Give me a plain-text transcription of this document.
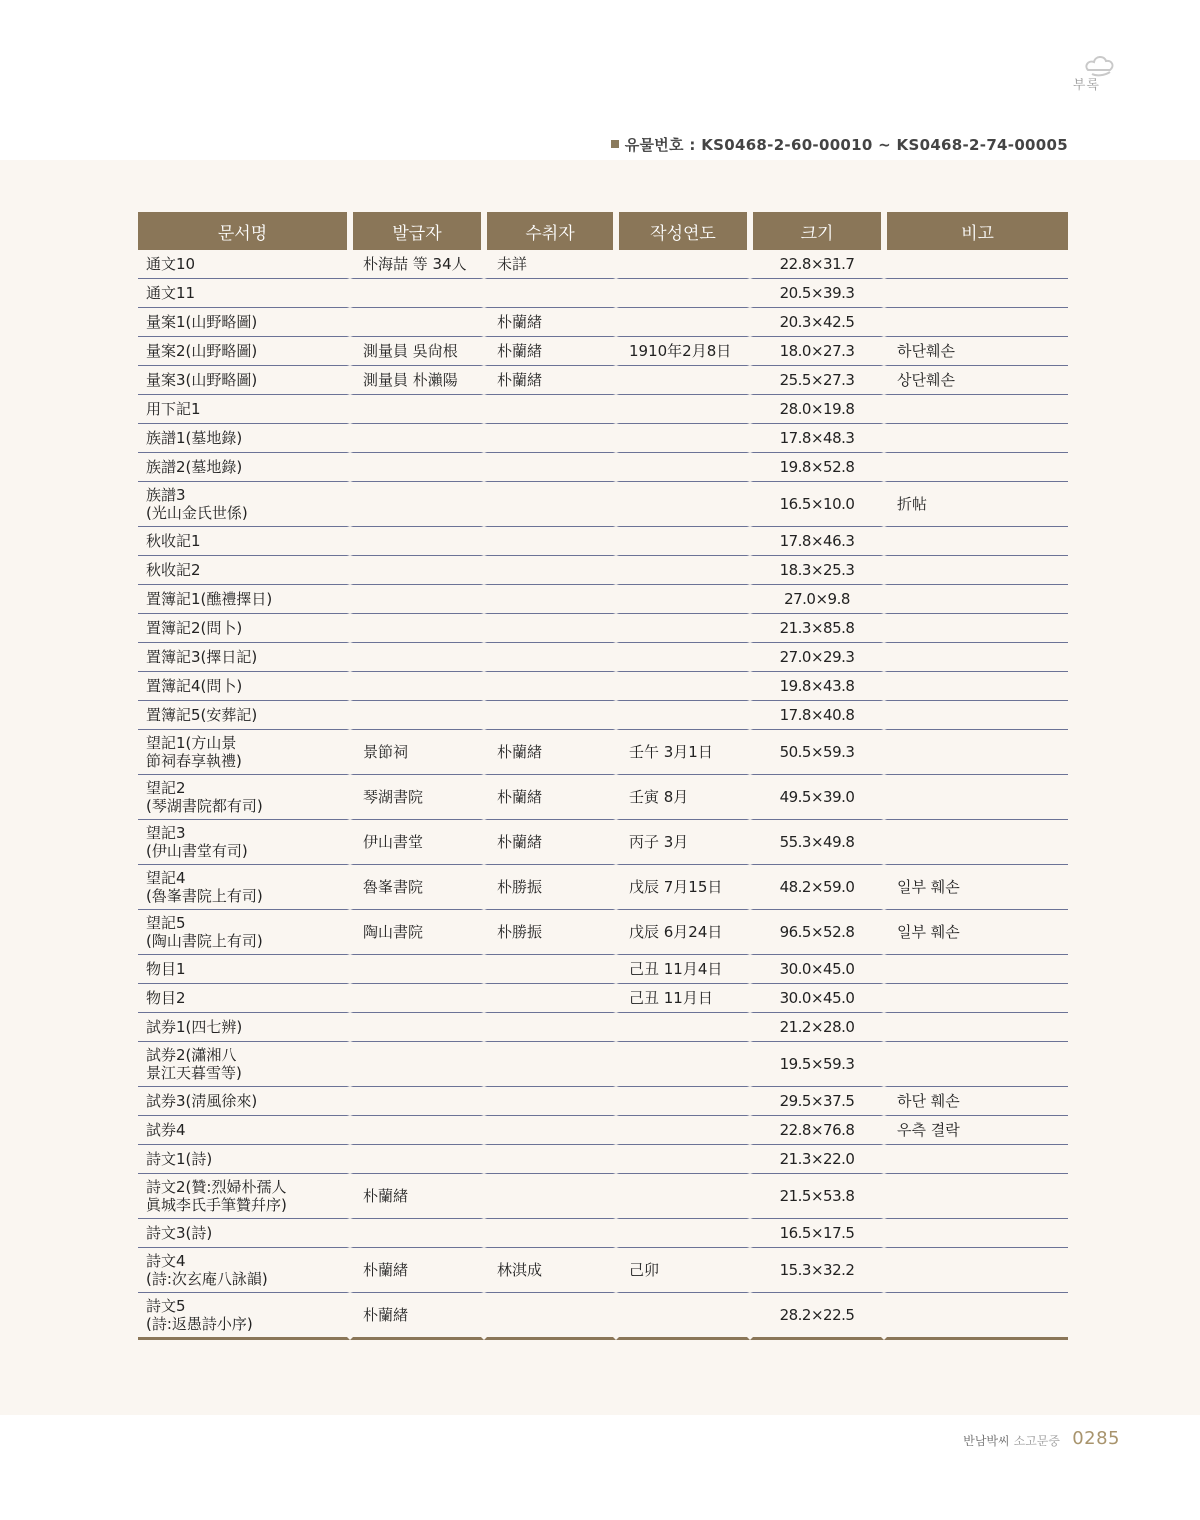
부록
유물번호 : KS0468-2-60-00010 ~ KS0468-2-74-00005
문서명	발급자	수취자	작성연도	크기	비고

通文10	朴海喆 等 34人	未詳		22.8×31.7	

通文11				20.5×39.3	

量案1(山野略圖)		朴蘭緖		20.3×42.5	

量案2(山野略圖)	測量員 吳尙根	朴蘭緖	1910年2月8日	18.0×27.3	하단훼손

量案3(山野略圖)	測量員 朴瀨陽	朴蘭緖		25.5×27.3	상단훼손

用下記1				28.0×19.8	

族譜1(墓地錄)				17.8×48.3	

族譜2(墓地錄)				19.8×52.8	

族譜3
(光山金氏世係)				16.5×10.0	折帖

秋收記1				17.8×46.3	

秋收記2				18.3×25.3	

置簿記1(醮禮擇日)				27.0×9.8	

置簿記2(問卜)				21.3×85.8	

置簿記3(擇日記)				27.0×29.3	

置簿記4(問卜)				19.8×43.8	

置簿記5(安葬記)				17.8×40.8	

望記1(方山景
節祠春享執禮)	景節祠	朴蘭緖	壬午 3月1日	50.5×59.3	

望記2
(琴湖書院都有司)	琴湖書院	朴蘭緖	壬寅 8月	49.5×39.0	

望記3
(伊山書堂有司)	伊山書堂	朴蘭緖	丙子 3月	55.3×49.8	

望記4
(魯峯書院上有司)	魯峯書院	朴勝振	戊辰 7月15日	48.2×59.0	일부 훼손

望記5
(陶山書院上有司)	陶山書院	朴勝振	戊辰 6月24日	96.5×52.8	일부 훼손

物目1			己丑 11月4日	30.0×45.0	

物目2			己丑 11月日	30.0×45.0	

試券1(四七辨)				21.2×28.0	

試券2(瀟湘八
景江天暮雪等)				19.5×59.3	

試券3(淸風徐來)				29.5×37.5	하단 훼손

試券4				22.8×76.8	우측 결락

詩文1(詩)				21.3×22.0	

詩文2(贊:烈婦朴孺人
眞城李氏手筆贊幷序)	朴蘭緖			21.5×53.8	

詩文3(詩)				16.5×17.5	

詩文4
(詩:次玄庵八詠韻)	朴蘭緖	林淇成	己卯	15.3×32.2	

詩文5
(詩:返愚詩小序)	朴蘭緖			28.2×22.5	
반남박씨 소고문중 0285
